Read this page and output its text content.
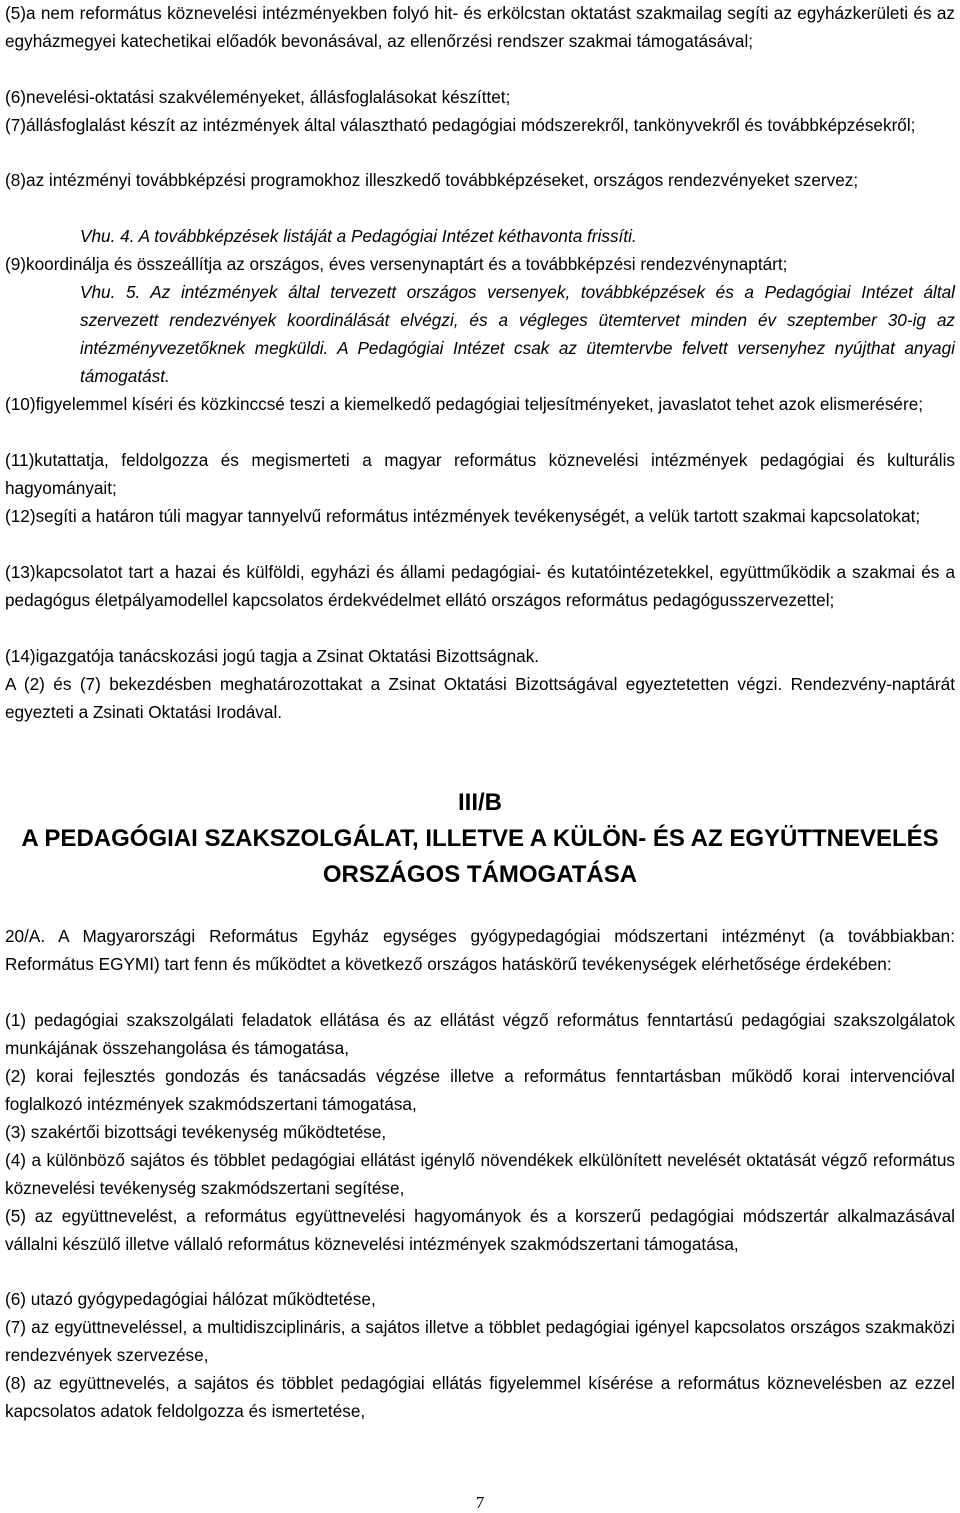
(5)a nem református köznevelési intézményekben folyó hit- és erkölcstan oktatást szakmailag segíti az egyházkerületi és az egyházmegyei katechetikai előadók bevonásával, az ellenőrzési rendszer szakmai támogatásával;

(6)nevelési-oktatási szakvéleményeket, állásfoglalásokat készíttet;

(7)állásfoglalást készít az intézmények által választható pedagógiai módszerekről, tankönyvekről és továbbképzésekről;

(8)az intézményi továbbképzési programokhoz illeszkedő továbbképzéseket, országos rendezvényeket szervez;

Vhu. 4. A továbbképzések listáját a Pedagógiai Intézet kéthavonta frissíti.

(9)koordinálja és összeállítja az országos, éves versenynaptárt és a továbbképzési rendezvénynaptárt;

Vhu. 5. Az intézmények által tervezett országos versenyek, továbbképzések és a Pedagógiai Intézet által szervezett rendezvények koordinálását elvégzi, és a végleges ütemtervet minden év szeptember 30-ig az intézményvezetőknek megküldi. A Pedagógiai Intézet csak az ütemtervbe felvett versenyhez nyújthat anyagi támogatást.

(10)figyelemmel kíséri és közkinccsé teszi a kiemelkedő pedagógiai teljesítményeket, javaslatot tehet azok elismerésére;

(11)kutattatja, feldolgozza és megismerteti a magyar református köznevelési intézmények pedagógiai és kulturális hagyományait;

(12)segíti a határon túli magyar tannyelvű református intézmények tevékenységét, a velük tartott szakmai kapcsolatokat;

(13)kapcsolatot tart a hazai és külföldi, egyházi és állami pedagógiai- és kutatóintézetekkel, együttműködik a szakmai és a pedagógus életpályamodellel kapcsolatos érdekvédelmet ellátó országos református pedagógusszervezettel;

(14)igazgatója tanácskozási jogú tagja a Zsinat Oktatási Bizottságnak.

A (2) és (7) bekezdésben meghatározottakat a Zsinat Oktatási Bizottságával egyeztetetten végzi. Rendezvény-naptárát egyezteti a Zsinati Oktatási Irodával.

III/B
A PEDAGÓGIAI SZAKSZOLGÁLAT, ILLETVE A KÜLÖN- ÉS AZ EGYÜTTNEVELÉS
ORSZÁGOS TÁMOGATÁSA

20/A. A Magyarországi Református Egyház egységes gyógypedagógiai módszertani intézményt (a továbbiakban: Református EGYMI) tart fenn és működtet a következő országos hatáskörű tevékenységek elérhetősége érdekében:

(1) pedagógiai szakszolgálati feladatok ellátása és az ellátást végző református fenntartású pedagógiai szakszolgálatok munkájának összehangolása és támogatása,

(2) korai fejlesztés gondozás és tanácsadás végzése illetve a református fenntartásban működő korai intervencióval foglalkozó intézmények szakmódszertani támogatása,

(3) szakértői bizottsági tevékenység működtetése,

(4) a különböző sajátos és többlet pedagógiai ellátást igénylő növendékek elkülönített nevelését oktatását végző református köznevelési tevékenység szakmódszertani segítése,

(5) az együttnevelést, a református együttnevelési hagyományok és a korszerű pedagógiai módszertár alkalmazásával vállalni készülő illetve vállaló református köznevelési intézmények szakmódszertani támogatása,

(6) utazó gyógypedagógiai hálózat működtetése,

(7) az együttneveléssel, a multidiszciplináris, a sajátos illetve a többlet pedagógiai igényel kapcsolatos országos szakmaközi rendezvények szervezése,

(8) az együttnevelés, a sajátos és többlet pedagógiai ellátás figyelemmel kísérése a református köznevelésben az ezzel kapcsolatos adatok feldolgozza és ismertetése,

7
